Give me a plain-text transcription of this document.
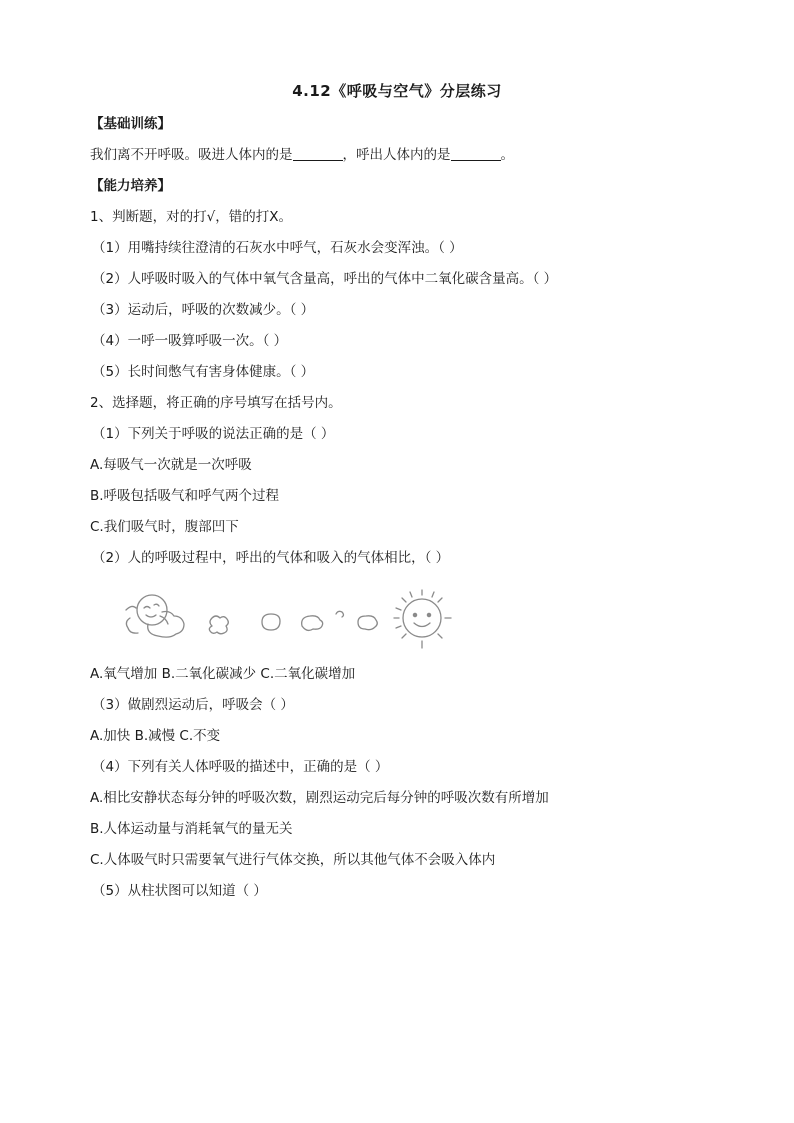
4.12《呼吸与空气》分层练习
【基础训练】
我们离不开呼吸。吸进人体内的是	，呼出人体内的是	。
【能力培养】
1、判断题，对的打√，错的打Ⅹ。
（1）用嘴持续往澄清的石灰水中呼气，石灰水会变浑浊。（ ）
（2）人呼吸时吸入的气体中氧气含量高，呼出的气体中二氧化碳含量高。（ ）
（3）运动后，呼吸的次数减少。（ ）
（4）一呼一吸算呼吸一次。（ ）
（5）长时间憋气有害身体健康。（ ）
2、选择题，将正确的序号填写在括号内。
（1）下列关于呼吸的说法正确的是（ ）
A.每吸气一次就是一次呼吸
B.呼吸包括吸气和呼气两个过程
C.我们吸气时，腹部凹下
（2）人的呼吸过程中，呼出的气体和吸入的气体相比，（ ）
A.氧气增加 B.二氧化碳减少 C.二氧化碳增加
（3）做剧烈运动后，呼吸会（ ）
A.加快 B.减慢 C.不变
（4）下列有关人体呼吸的描述中，正确的是（ ）
A.相比安静状态每分钟的呼吸次数，剧烈运动完后每分钟的呼吸次数有所增加
B.人体运动量与消耗氧气的量无关
C.人体吸气时只需要氧气进行气体交换，所以其他气体不会吸入体内
（5）从柱状图可以知道（ ）
